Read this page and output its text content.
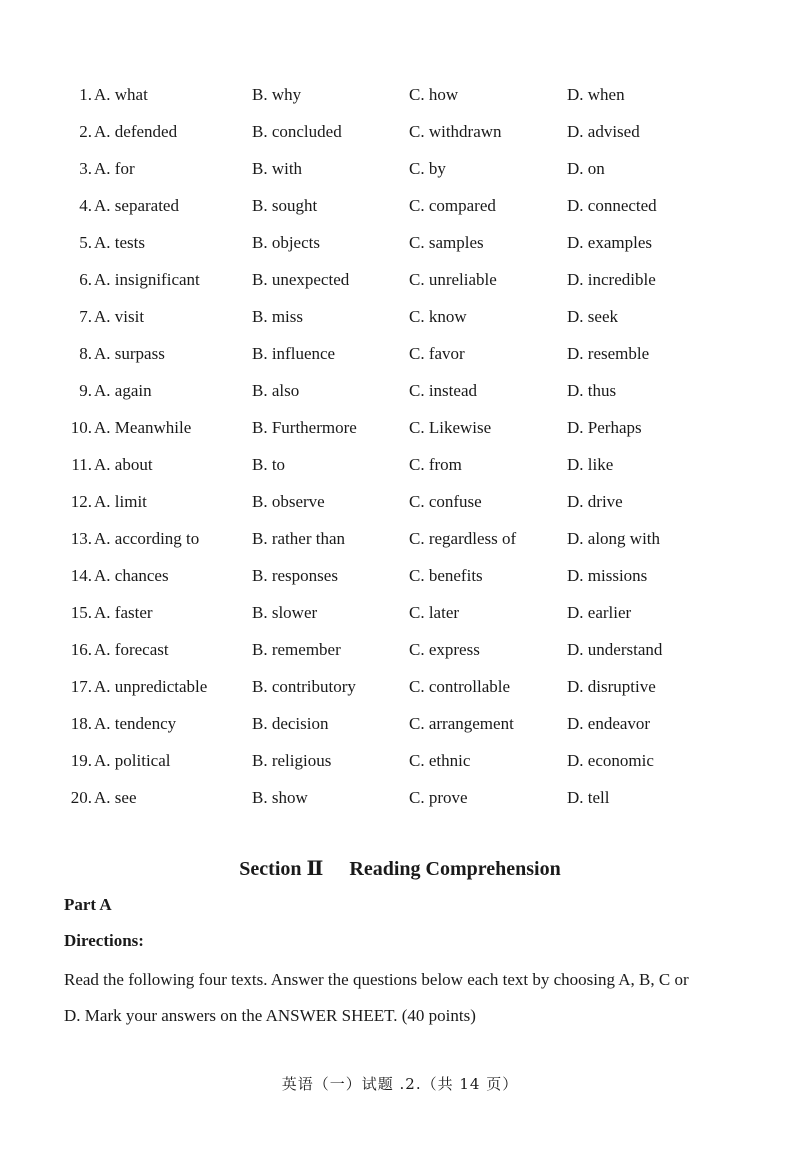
1. A. what	B. why	C. how	D. when
2. A. defended	B. concluded	C. withdrawn	D. advised
3. A. for	B. with	C. by	D. on
4. A. separated	B. sought	C. compared	D. connected
5. A. tests	B. objects	C. samples	D. examples
6. A. insignificant	B. unexpected	C. unreliable	D. incredible
7. A. visit	B. miss	C. know	D. seek
8. A. surpass	B. influence	C. favor	D. resemble
9. A. again	B. also	C. instead	D. thus
10. A. Meanwhile	B. Furthermore	C. Likewise	D. Perhaps
11. A. about	B. to	C. from	D. like
12. A. limit	B. observe	C. confuse	D. drive
13. A. according to	B. rather than	C. regardless of	D. along with
14. A. chances	B. responses	C. benefits	D. missions
15. A. faster	B. slower	C. later	D. earlier
16. A. forecast	B. remember	C. express	D. understand
17. A. unpredictable	B. contributory	C. controllable	D. disruptive
18. A. tendency	B. decision	C. arrangement	D. endeavor
19. A. political	B. religious	C. ethnic	D. economic
20. A. see	B. show	C. prove	D. tell
Section Ⅱ Reading Comprehension
Part A
Directions:
Read the following four texts. Answer the questions below each text by choosing A, B, C or D. Mark your answers on the ANSWER SHEET. (40 points)
英语（一）试题 .2.（共 14 页）
